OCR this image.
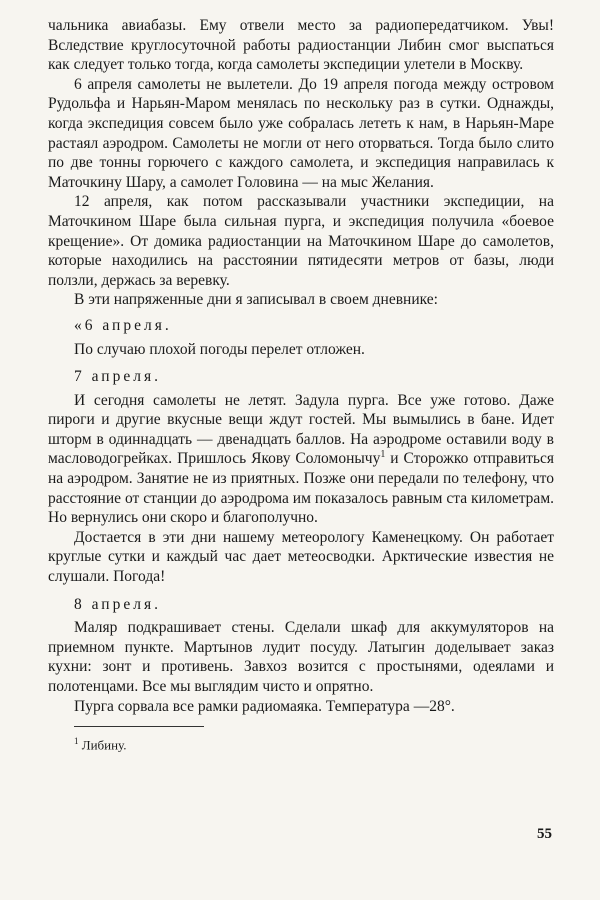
чальника авиабазы. Ему отвели место за радиопередатчиком. Увы! Вследствие круглосуточной работы радиостанции Либин смог выспаться как следует только тогда, когда самолеты экспедиции улетели в Москву.

6 апреля самолеты не вылетели. До 19 апреля погода между островом Рудольфа и Нарьян-Маром менялась по нескольку раз в сутки. Однажды, когда экспедиция совсем было уже собралась лететь к нам, в Нарьян-Маре растаял аэродром. Самолеты не могли от него оторваться. Тогда было слито по две тонны горючего с каждого самолета, и экспедиция направилась к Маточкину Шару, а самолет Головина — на мыс Желания.

12 апреля, как потом рассказывали участники экспедиции, на Маточкином Шаре была сильная пурга, и экспедиция получила «боевое крещение». От домика радиостанции на Маточкином Шаре до самолетов, которые находились на расстоянии пятидесяти метров от базы, люди ползли, держась за веревку.

В эти напряженные дни я записывал в своем дневнике:

«6 апреля.

По случаю плохой погоды перелет отложен.

7 апреля.

И сегодня самолеты не летят. Задула пурга. Все уже готово. Даже пироги и другие вкусные вещи ждут гостей. Мы вымылись в бане. Идет шторм в одиннадцать — двенадцать баллов. На аэродроме оставили воду в масловодогрейках. Пришлось Якову Соломонычу$^1$ и Сторожко отправиться на аэродром. Занятие не из приятных. Позже они передали по телефону, что расстояние от станции до аэродрома им показалось равным ста километрам. Но вернулись они скоро и благополучно.

Достается в эти дни нашему метеорологу Каменецкому. Он работает круглые сутки и каждый час дает метеосводки. Арктические известия не слушали. Погода!

8 апреля.

Маляр подкрашивает стены. Сделали шкаф для аккумуляторов на приемном пункте. Мартынов лудит посуду. Латыгин доделывает заказ кухни: зонт и противень. Завхоз возится с простынями, одеялами и полотенцами. Все мы выглядим чисто и опрятно.

Пурга сорвала все рамки радиомаяка. Температура —28°.

$^1$ Либину.

55
